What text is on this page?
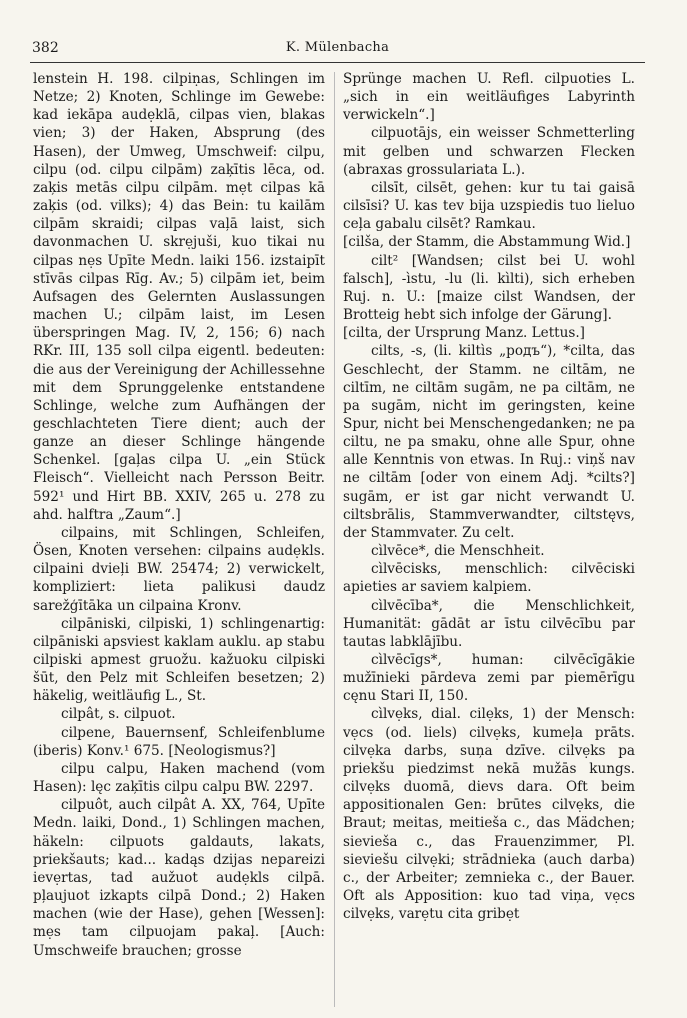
382	K. Mülenbacha

lenstein H. 198. cilpiṇas, Schlingen im Netze; 2) Knoten, Schlinge im Gewebe: kad iekāpa audẹklā, cilpas vien, blakas vien; 3) der Haken, Absprung (des Hasen), der Umweg, Umschweif: cilpu, cilpu (od. cilpu cilpām) zaķītis lēca, od. zaķis metās cilpu cilpām. mẹt cilpas kā zaķis (od. vilks); 4) das Bein: tu kailām cilpām skraidi; cilpas vaļā laist, sich davonmachen U. skrẹjuši, kuo tikai nu cilpas nẹs Upīte Medn. laiki 156. izstaipīt stīvās cilpas Rīg. Av.; 5) cilpām iet, beim Aufsagen des Gelernten Auslassungen machen U.; cilpām laist, im Lesen überspringen Mag. IV, 2, 156; 6) nach RKr. III, 135 soll cilpa eigentl. bedeuten: die aus der Vereinigung der Achillessehne mit dem Sprunggelenke entstandene Schlinge, welche zum Aufhängen der geschlachteten Tiere dient; auch der ganze an dieser Schlinge hängende Schenkel. [gaļas cilpa U. „ein Stück Fleisch“. Vielleicht nach Persson Beitr. 592¹ und Hirt BB. XXIV, 265 u. 278 zu ahd. halftra „Zaum“.]

cilpains, mit Schlingen, Schleifen, Ösen, Knoten versehen: cilpains audẹkls. cilpaini dvieļi BW. 25474; 2) verwickelt, kompliziert: lieta palikusi daudz sarežģītāka un cilpaina Kronv.

cilpāniski, cilpiski, 1) schlingenartig: cilpāniski apsviest kaklam auklu. ap stabu cilpiski apmest gruožu. kažuoku cilpiski šūt, den Pelz mit Schleifen besetzen; 2) häkelig, weitläufig L., St.

cilpât, s. cilpuot.

cilpene, Bauernsenf, Schleifenblume (iberis) Konv.¹ 675. [Neologismus?]

cilpu calpu, Haken machend (vom Hasen): lęc zaķītis cilpu calpu BW. 2297.

cilpuôt, auch cilpât A. XX, 764, Upīte Medn. laiki, Dond., 1) Schlingen machen, häkeln: cilpuots galdauts, lakats, priekšauts; kad... kadąs dzijas nepareizi ievẹrtas, tad aužuot audẹkls cilpā. pļaujuot izkapts cilpā Dond.; 2) Haken machen (wie der Hase), gehen [Wessen]: mẹs tam cilpuojam pakaļ. [Auch: Umschweife brauchen; grosse

Sprünge machen U. Refl. cilpuoties L. „sich in ein weitläufiges Labyrinth verwickeln“.]

cilpuotājs, ein weisser Schmetterling mit gelben und schwarzen Flecken (abraxas grossulariata L.).

cilsīt, cilsēt, gehen: kur tu tai gaisā cilsīsi? U. kas tev bija uzspiedis tuo lieluo ceļa gabalu cilsēt? Ramkau.

[cilša, der Stamm, die Abstammung Wid.]

cilt² [Wandsen; cilst bei U. wohl falsch], -ìstu, -lu (li. kìlti), sich erheben Ruj. n. U.: [maize cilst Wandsen, der Brotteig hebt sich infolge der Gärung].

[cilta, der Ursprung Manz. Lettus.]

cilts, -s, (li. kiltìs „родъ“), *cilta, das Geschlecht, der Stamm. ne ciltām, ne ciltīm, ne ciltām sugām, ne pa ciltām, ne pa sugām, nicht im geringsten, keine Spur, nicht bei Menschengedanken; ne pa ciltu, ne pa smaku, ohne alle Spur, ohne alle Kenntnis von etwas. In Ruj.: viņš nav ne ciltām [oder von einem Adj. *cilts?] sugām, er ist gar nicht verwandt U. ciltsbrālis, Stammverwandter, ciltstęvs, der Stammvater. Zu celt.

cìlvēce*, die Menschheit.

cìlvēcisks, menschlich: cilvēciski apieties ar saviem kalpiem.

cìlvēcība*, die Menschlichkeit, Humanität: gādāt ar īstu cilvēcību par tautas labklājību.

cìlvēcīgs*, human: cilvēcīgākie mužīnieki pārdeva zemi par piemērīgu cęnu Stari II, 150.

cìlvẹks, dial. cilẹks, 1) der Mensch: vẹcs (od. liels) cilvẹks, kumeļa prāts. cilvẹka darbs, suņa dzīve. cilvẹks pa priekšu piedzimst nekā mužās kungs. cilvẹks duomā, dievs dara. Oft beim appositionalen Gen: brūtes cilvẹks, die Braut; meitas, meitieša c., das Mädchen; sieviešа c., das Frauenzimmer, Pl. sieviešu cilvẹki; strādnieka (auch darba) c., der Arbeiter; zemnieka c., der Bauer. Oft als Apposition: kuo tad viņa, vẹcs cilvẹks, varẹtu cita gribẹt
